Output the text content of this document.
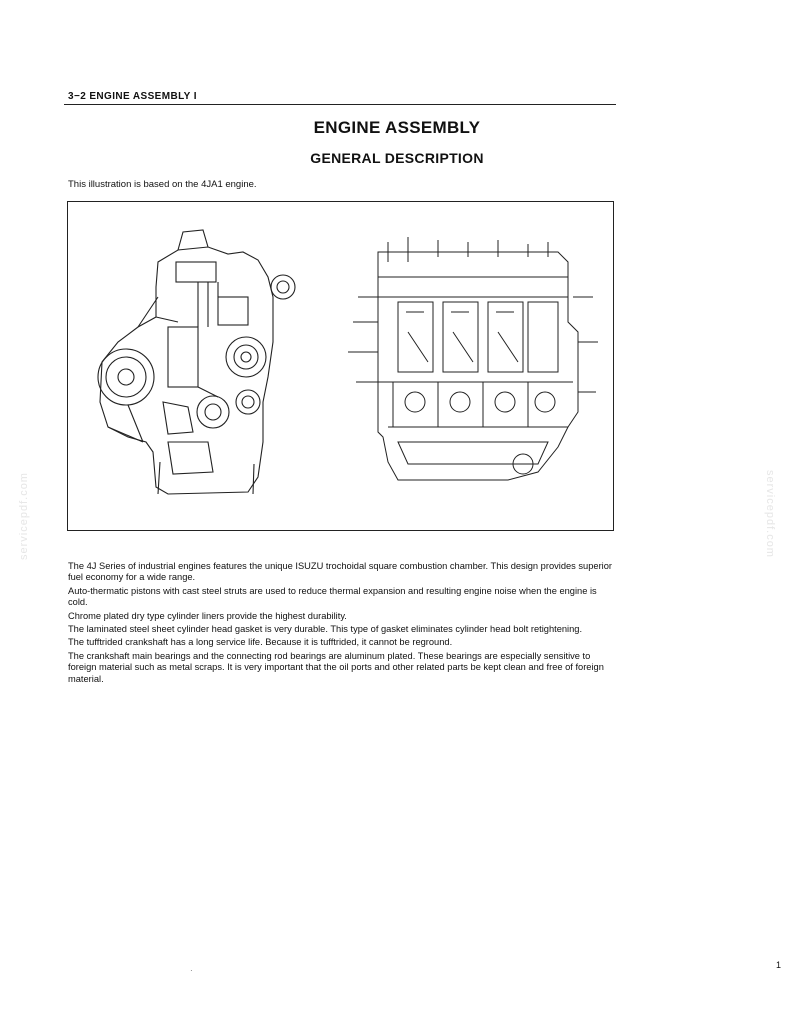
3−2 ENGINE ASSEMBLY I
ENGINE ASSEMBLY
GENERAL DESCRIPTION
This illustration is based on the 4JA1 engine.

The 4J Series of industrial engines features the unique ISUZU trochoidal square combustion chamber. This design provides superior fuel economy for a wide range.

Auto-thermatic pistons with cast steel struts are used to reduce thermal expansion and resulting engine noise when the engine is cold.

Chrome plated dry type cylinder liners provide the highest durability.

The laminated steel sheet cylinder head gasket is very durable. This type of gasket eliminates cylinder head bolt retightening.

The tufftrided crankshaft has a long service life. Because it is tufftrided, it cannot be reground.

The crankshaft main bearings and the connecting rod bearings are aluminum plated. These bearings are especially sensitive to foreign material such as metal scraps. It is very important that the oil ports and other related parts be kept clean and free of foreign material.

servicepdf.com	servicepdf.com
·
1
